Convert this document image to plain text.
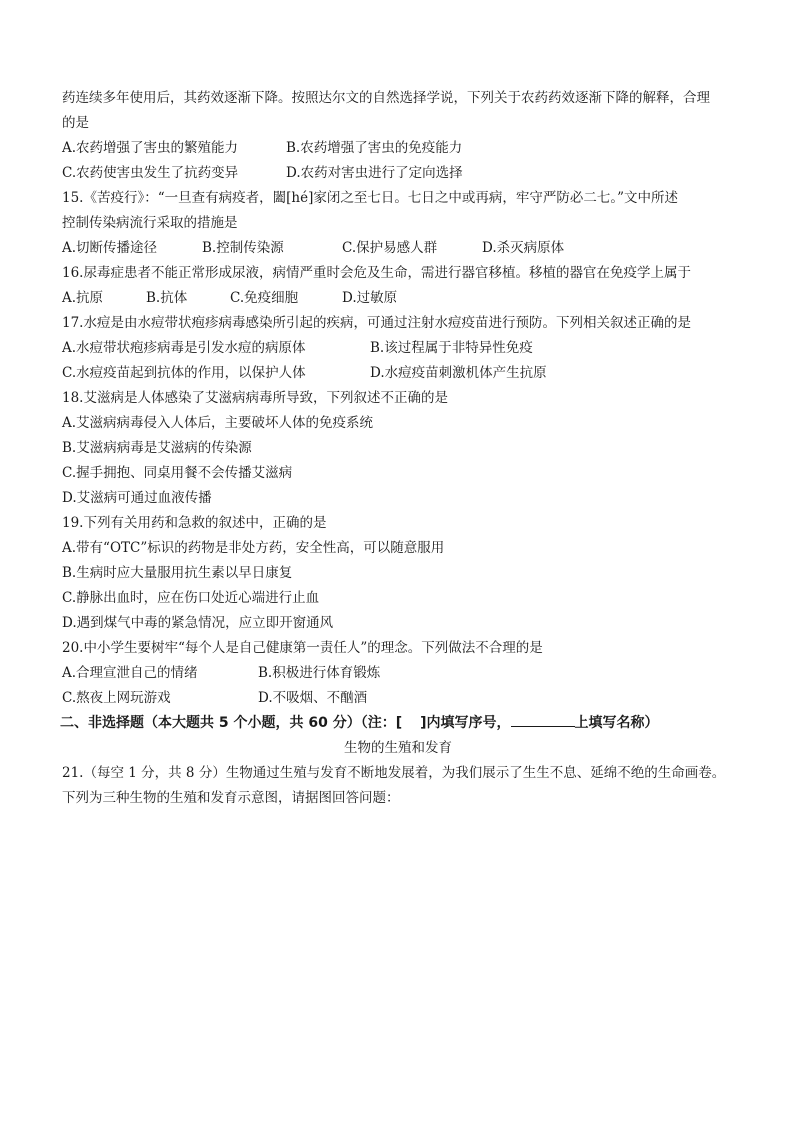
药连续多年使用后，其药效逐渐下降。按照达尔文的自然选择学说，下列关于农药药效逐渐下降的解释，合理
的是
A.农药增强了害虫的繁殖能力	B.农药增强了害虫的免疫能力
C.农药使害虫发生了抗药变异	D.农药对害虫进行了定向选择
15.《苦疫行》：“一旦查有病疫者，闔[hé]家闭之至七日。七日之中或再病，牢守严防必二七。”文中所述
控制传染病流行采取的措施是
A.切断传播途径	B.控制传染源	C.保护易感人群	D.杀灭病原体
16.尿毒症患者不能正常形成尿液，病情严重时会危及生命，需进行器官移植。移植的器官在免疫学上属于
A.抗原	B.抗体	C.免疫细胞	D.过敏原
17.水痘是由水痘带状疱疹病毒感染所引起的疾病，可通过注射水痘疫苗进行预防。下列相关叙述正确的是
A.水痘带状疱疹病毒是引发水痘的病原体	B.该过程属于非特异性免疫
C.水痘疫苗起到抗体的作用，以保护人体	D.水痘疫苗刺激机体产生抗原
18.艾滋病是人体感染了艾滋病病毒所导致，下列叙述不正确的是
A.艾滋病病毒侵入人体后，主要破坏人体的免疫系统
B.艾滋病病毒是艾滋病的传染源
C.握手拥抱、同桌用餐不会传播艾滋病
D.艾滋病可通过血液传播
19.下列有关用药和急救的叙述中，正确的是
A.带有“OTC”标识的药物是非处方药，安全性高，可以随意服用
B.生病时应大量服用抗生素以早日康复
C.静脉出血时，应在伤口处近心端进行止血
D.遇到煤气中毒的紧急情况，应立即开窗通风
20.中小学生要树牢“每个人是自己健康第一责任人”的理念。下列做法不合理的是
A.合理宣泄自己的情绪	B.积极进行体育锻炼
C.熬夜上网玩游戏	D.不吸烟、不酗酒
二、非选择题（本大题共 5 个小题，共 60 分）（注：[ ]内填写序号，	上填写名称）
生物的生殖和发育
21.（每空 1 分，共 8 分）生物通过生殖与发育不断地发展着，为我们展示了生生不息、延绵不绝的生命画卷。
下列为三种生物的生殖和发育示意图，请据图回答问题：
